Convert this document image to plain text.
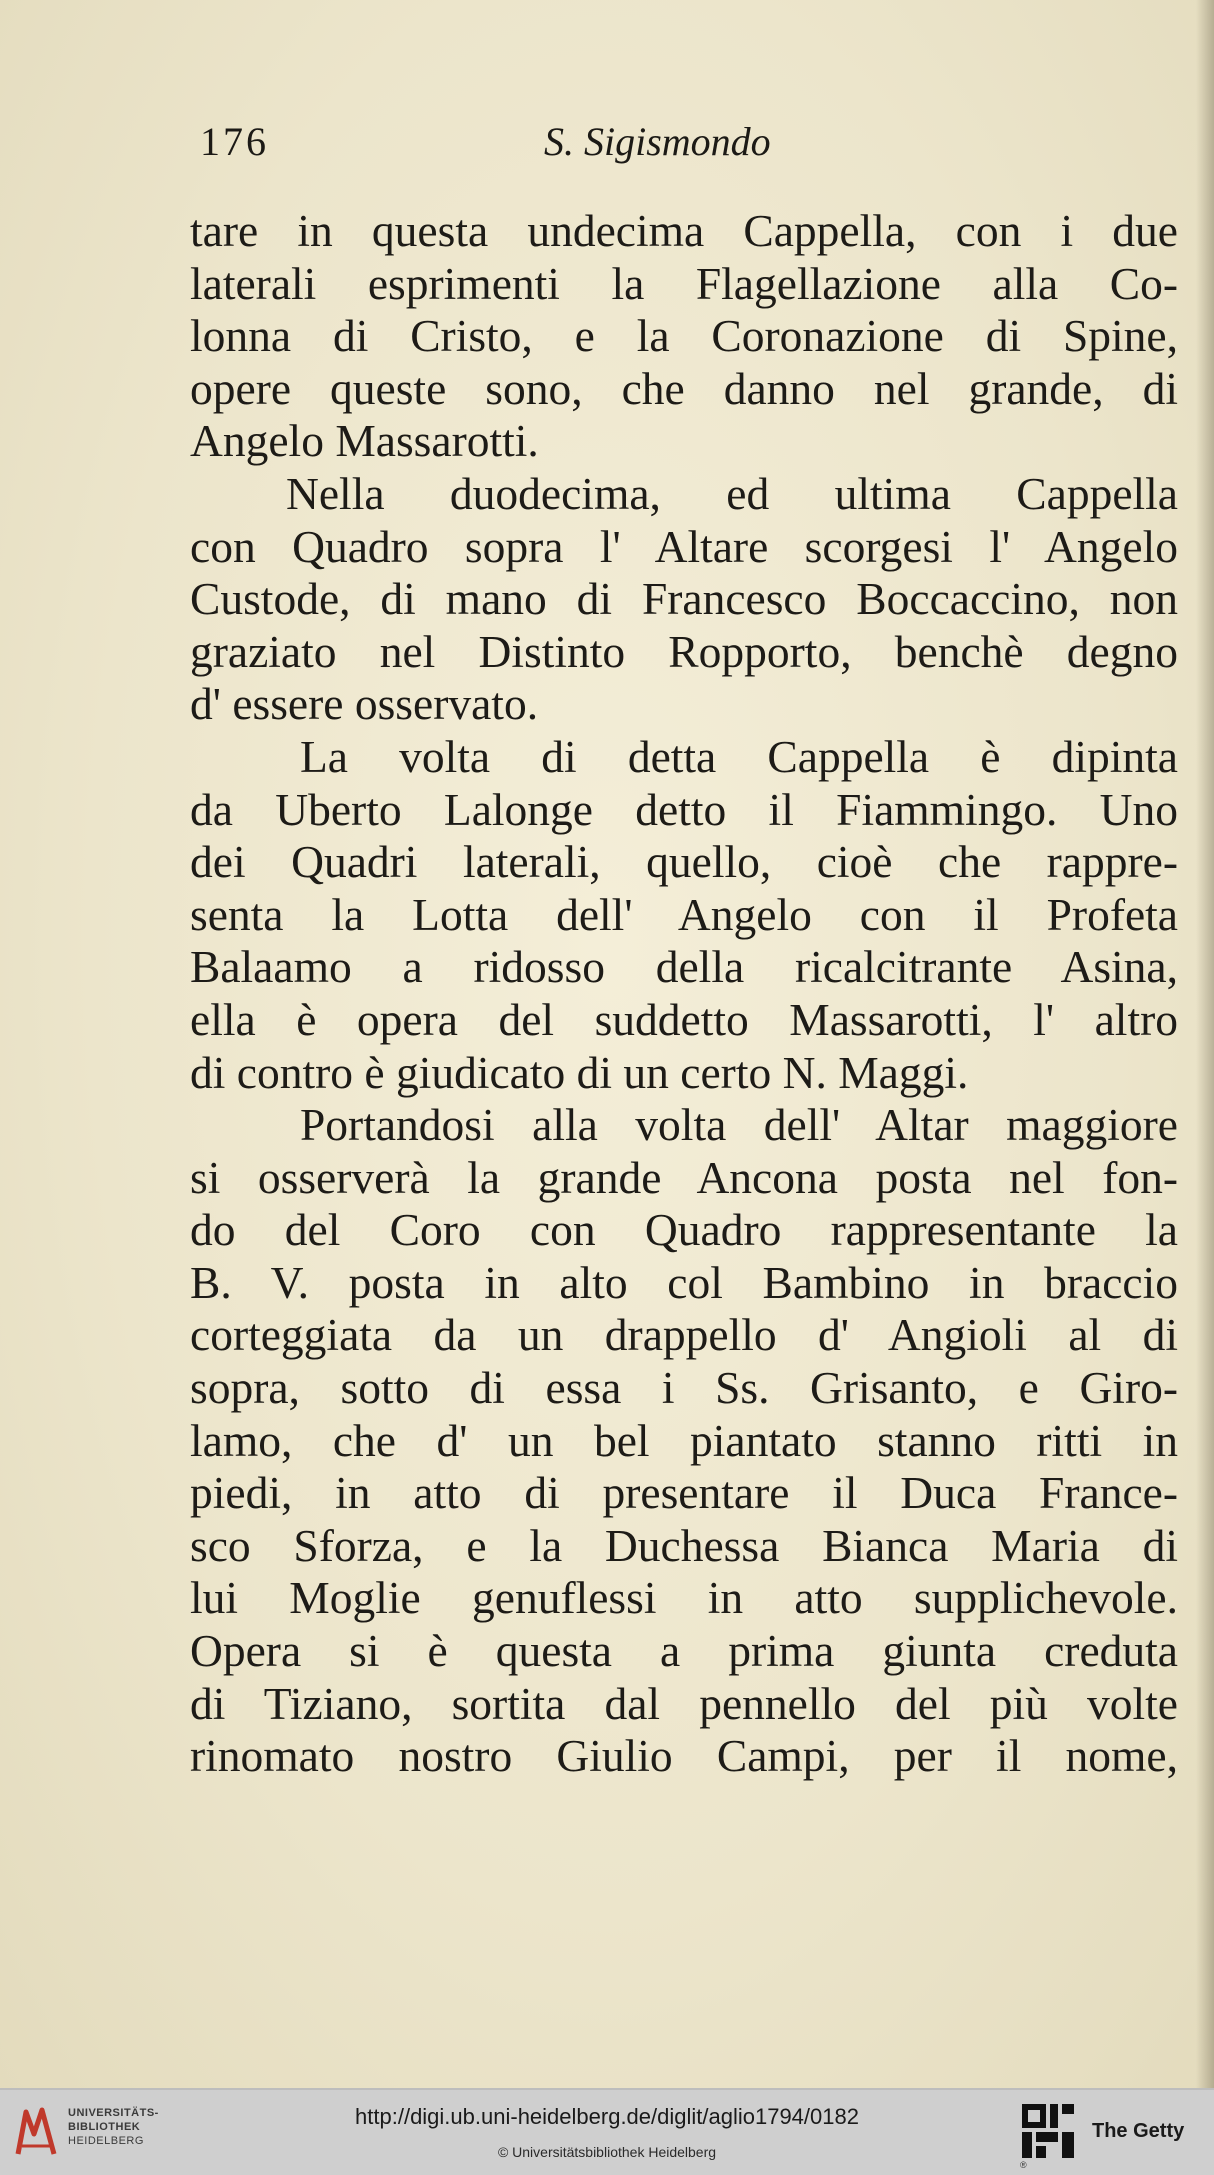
176	S. Sigismondo
tare in questa undecima Cappella, con i due
laterali esprimenti la Flagellazione alla Co-
lonna di Cristo, e la Coronazione di Spine,
opere queste sono, che danno nel grande, di
Angelo Massarotti.
Nella duodecima, ed ultima Cappella
con Quadro sopra l' Altare scorgesi l' Angelo
Custode, di mano di Francesco Boccaccino, non
graziato nel Distinto Ropporto, benchè degno
d' essere osservato.
La volta di detta Cappella è dipinta
da Uberto Lalonge detto il Fiammingo. Uno
dei Quadri laterali, quello, cioè che rappre-
senta la Lotta dell' Angelo con il Profeta
Balaamo a ridosso della ricalcitrante Asina,
ella è opera del suddetto Massarotti, l' altro
di contro è giudicato di un certo N. Maggi.
Portandosi alla volta dell' Altar maggiore
si osserverà la grande Ancona posta nel fon-
do del Coro con Quadro rappresentante la
B. V. posta in alto col Bambino in braccio
corteggiata da un drappello d' Angioli al di
sopra, sotto di essa i Ss. Grisanto, e Giro-
lamo, che d' un bel piantato stanno ritti in
piedi, in atto di presentare il Duca France-
sco Sforza, e la Duchessa Bianca Maria di
lui Moglie genuflessi in atto supplichevole.
Opera si è questa a prima giunta creduta
di Tiziano, sortita dal pennello del più volte
rinomato nostro Giulio Campi, per il nome,
UNIVERSITÄTS-
BIBLIOTHEK
HEIDELBERG
http://digi.ub.uni-heidelberg.de/diglit/aglio1794/0182
© Universitätsbibliothek Heidelberg
®
The Getty
